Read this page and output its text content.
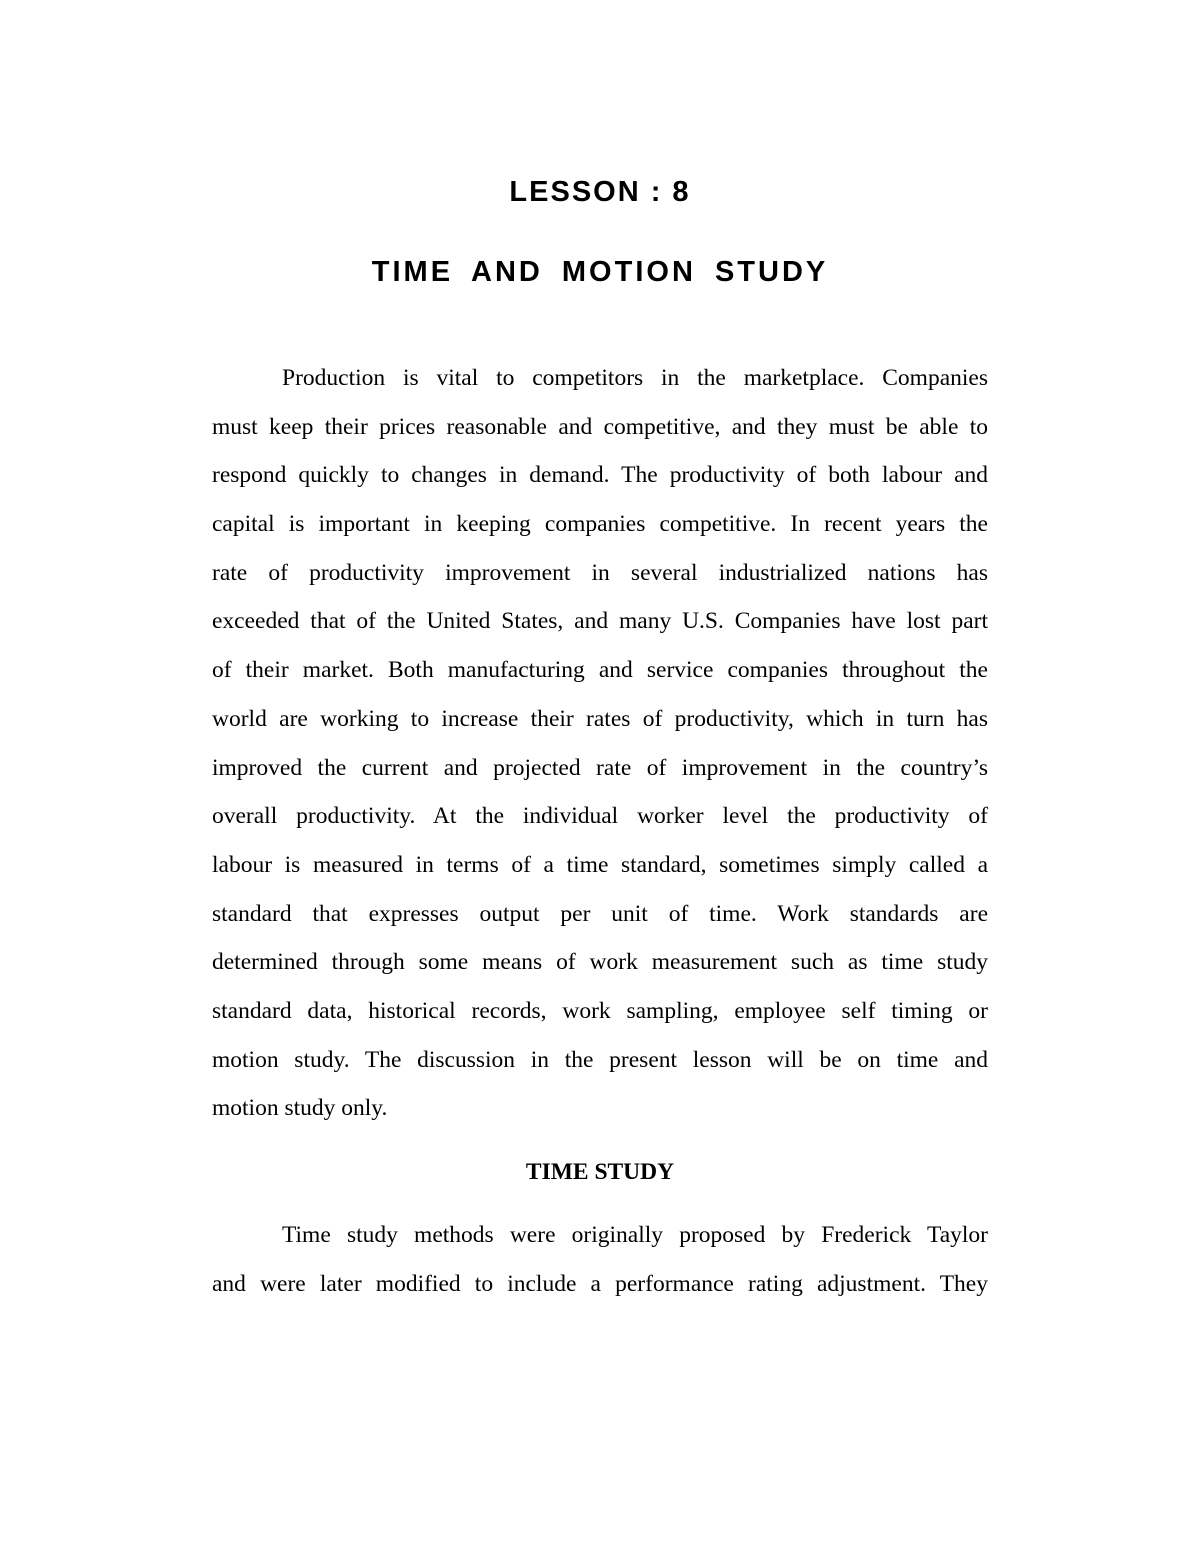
LESSON : 8
TIME AND MOTION STUDY

Production is vital to competitors in the marketplace. Companies
must keep their prices reasonable and competitive, and they must be able to
respond quickly to changes in demand. The productivity of both labour and
capital is important in keeping companies competitive. In recent years the
rate of productivity improvement in several industrialized nations has
exceeded that of the United States, and many U.S. Companies have lost part
of their market. Both manufacturing and service companies throughout the
world are working to increase their rates of productivity, which in turn has
improved the current and projected rate of improvement in the country’s
overall productivity. At the individual worker level the productivity of
labour is measured in terms of a time standard, sometimes simply called a
standard that expresses output per unit of time. Work standards are
determined through some means of work measurement such as time study
standard data, historical records, work sampling, employee self timing or
motion study. The discussion in the present lesson will be on time and
motion study only.

TIME STUDY

Time study methods were originally proposed by Frederick Taylor
and were later modified to include a performance rating adjustment. They
